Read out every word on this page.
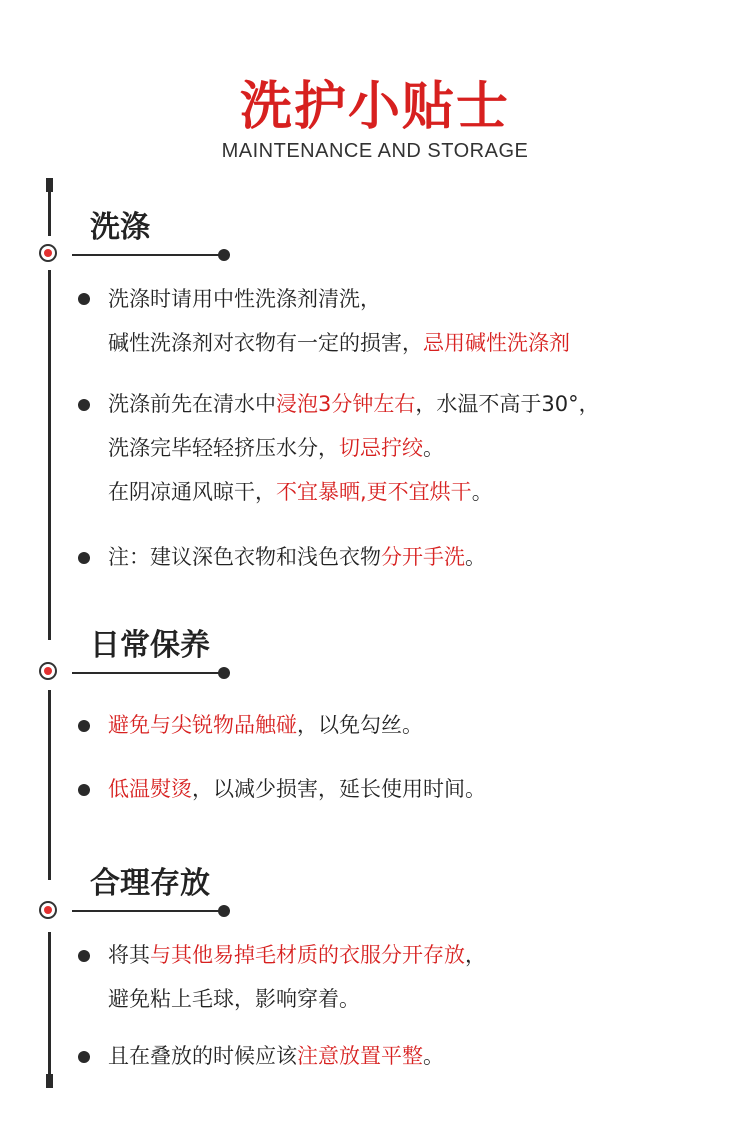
洗护小贴士
MAINTENANCE AND STORAGE
洗涤
洗涤时请用中性洗涤剂清洗，
碱性洗涤剂对衣物有一定的损害，忌用碱性洗涤剂
洗涤前先在清水中浸泡3分钟左右，水温不高于30°，
洗涤完毕轻轻挤压水分，切忌拧绞。
在阴凉通风晾干，不宜暴晒,更不宜烘干。
注：建议深色衣物和浅色衣物分开手洗。
日常保养
避免与尖锐物品触碰，以免勾丝。
低温熨烫，以减少损害，延长使用时间。
合理存放
将其与其他易掉毛材质的衣服分开存放，
避免粘上毛球，影响穿着。
且在叠放的时候应该注意放置平整。
